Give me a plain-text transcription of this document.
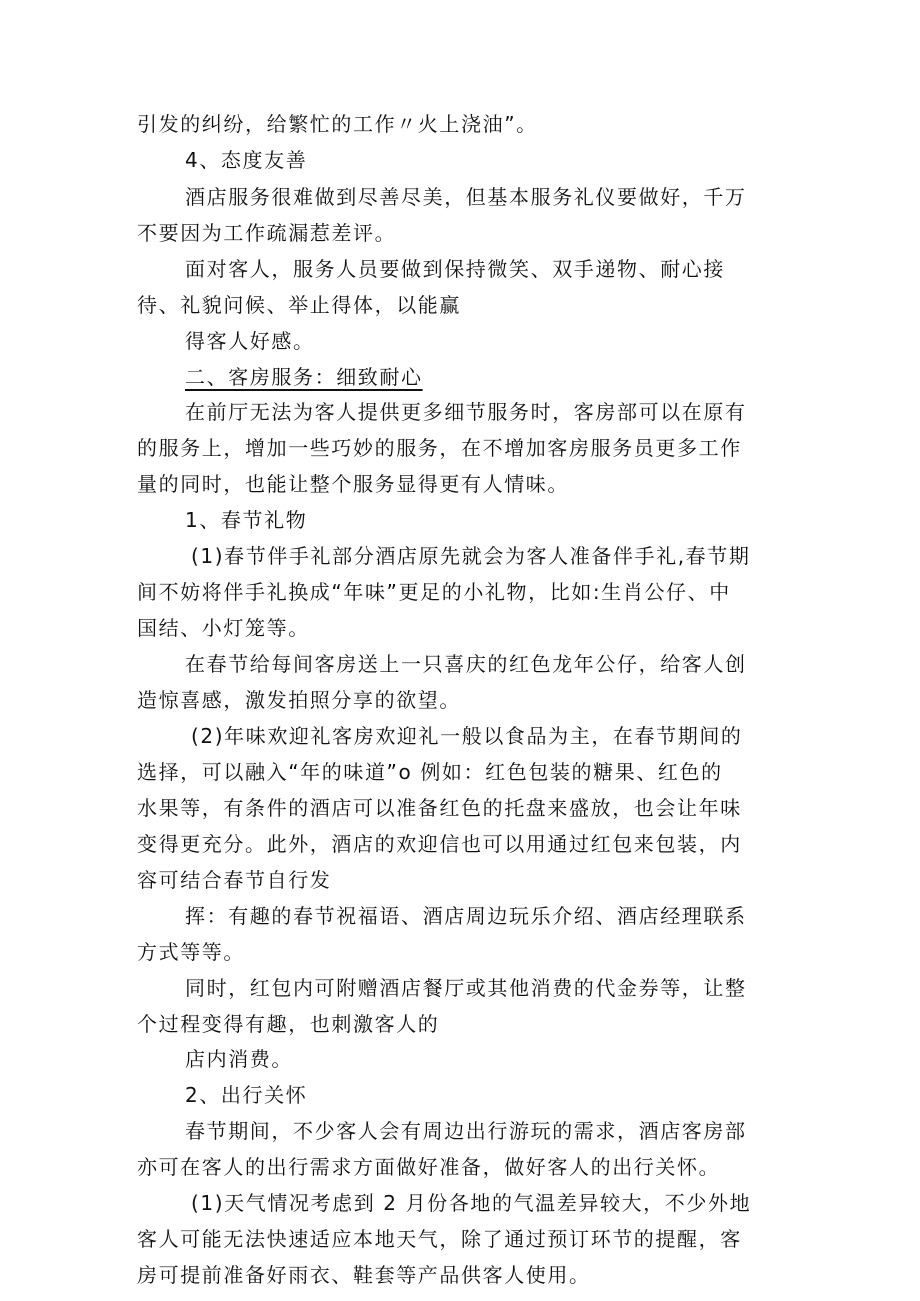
引发的纠纷，给繁忙的工作〃火上浇油”。
4、态度友善
酒店服务很难做到尽善尽美，但基本服务礼仪要做好，千万
不要因为工作疏漏惹差评。
面对客人，服务人员要做到保持微笑、双手递物、耐心接
待、礼貌问候、举止得体，以能赢
得客人好感。
二、客房服务：细致耐心
在前厅无法为客人提供更多细节服务时，客房部可以在原有
的服务上，增加一些巧妙的服务，在不增加客房服务员更多工作
量的同时，也能让整个服务显得更有人情味。
1、春节礼物
(1)春节伴手礼部分酒店原先就会为客人准备伴手礼,春节期
间不妨将伴手礼换成“年味”更足的小礼物，比如:生肖公仔、中
国结、小灯笼等。
在春节给每间客房送上一只喜庆的红色龙年公仔，给客人创
造惊喜感，激发拍照分享的欲望。
(2)年味欢迎礼客房欢迎礼一般以食品为主，在春节期间的
选择，可以融入“年的味道”o 例如：红色包装的糖果、红色的
水果等，有条件的酒店可以准备红色的托盘来盛放，也会让年味
变得更充分。此外，酒店的欢迎信也可以用通过红包来包装，内
容可结合春节自行发
挥：有趣的春节祝福语、酒店周边玩乐介绍、酒店经理联系
方式等等。
同时，红包内可附赠酒店餐厅或其他消费的代金券等，让整
个过程变得有趣，也刺激客人的
店内消费。
2、出行关怀
春节期间，不少客人会有周边出行游玩的需求，酒店客房部
亦可在客人的出行需求方面做好准备，做好客人的出行关怀。
(1)天气情况考虑到 2 月份各地的气温差异较大，不少外地
客人可能无法快速适应本地天气，除了通过预订环节的提醒，客
房可提前准备好雨衣、鞋套等产品供客人使用。
